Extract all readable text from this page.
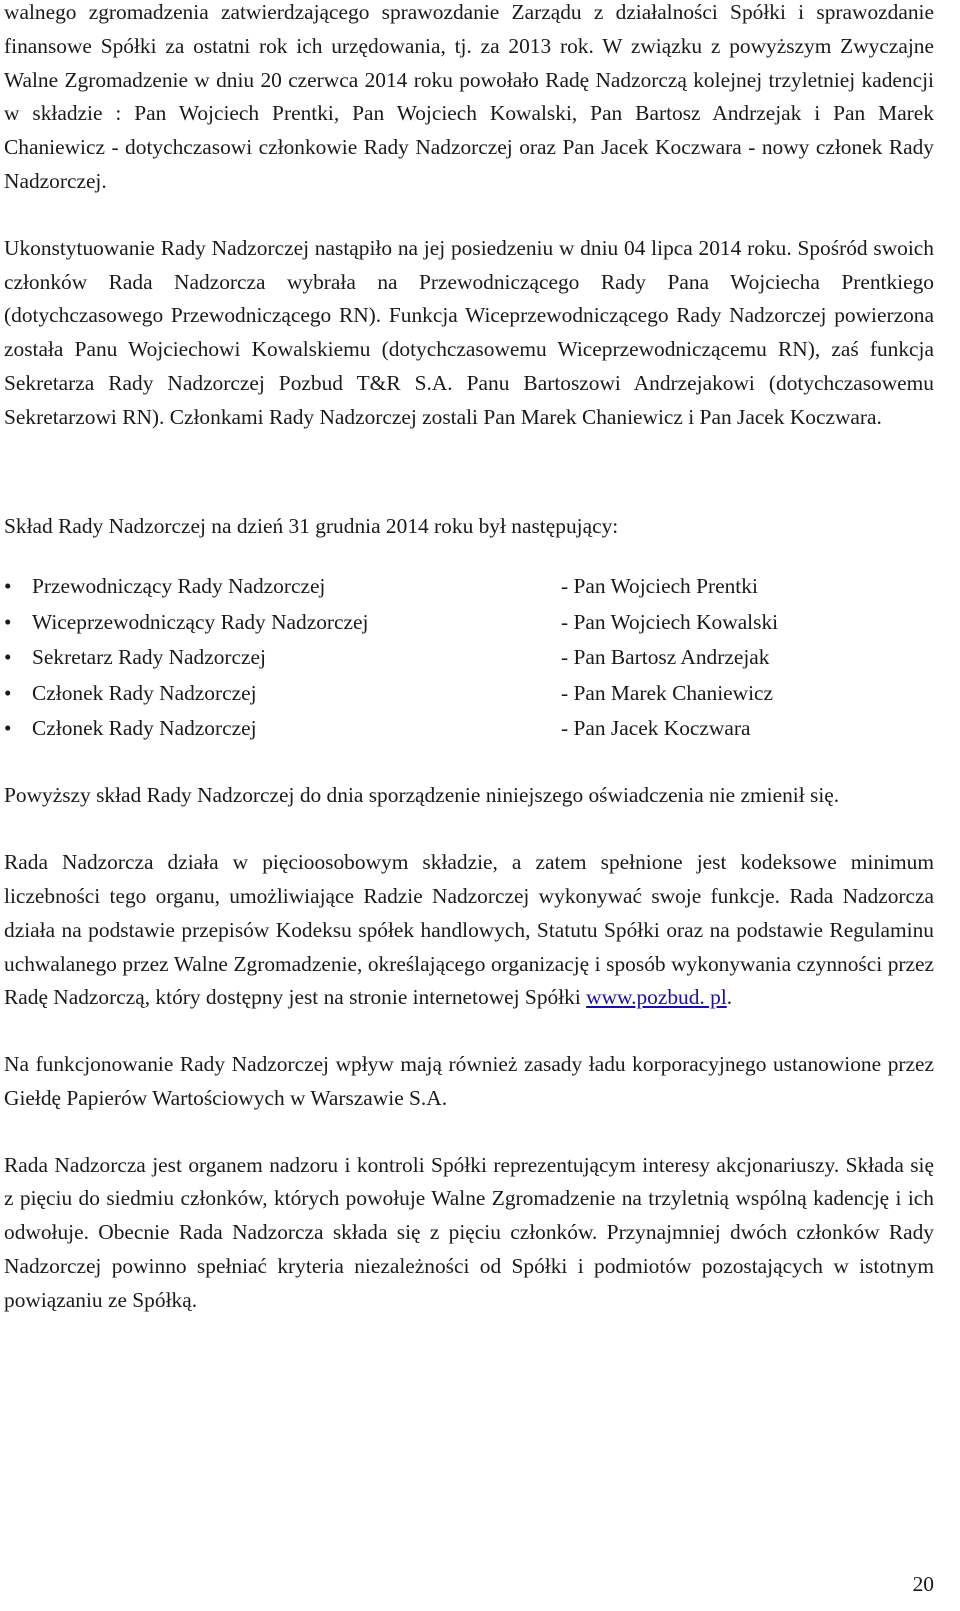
walnego zgromadzenia zatwierdzającego sprawozdanie Zarządu z działalności Spółki i sprawozdanie finansowe Spółki za ostatni rok ich urzędowania, tj. za 2013 rok. W związku z powyższym Zwyczajne Walne Zgromadzenie w dniu 20 czerwca 2014 roku powołało Radę Nadzorczą kolejnej trzyletniej kadencji w składzie : Pan Wojciech Prentki, Pan Wojciech Kowalski, Pan Bartosz Andrzejak i Pan Marek Chaniewicz - dotychczasowi członkowie Rady Nadzorczej oraz Pan Jacek Koczwara - nowy członek Rady Nadzorczej.

Ukonstytuowanie Rady Nadzorczej nastąpiło na jej posiedzeniu w dniu 04 lipca 2014 roku. Spośród swoich członków Rada Nadzorcza wybrała na Przewodniczącego Rady Pana Wojciecha Prentkiego (dotychczasowego Przewodniczącego RN). Funkcja Wiceprzewodniczącego Rady Nadzorczej powierzona została Panu Wojciechowi Kowalskiemu (dotychczasowemu Wiceprzewodniczącemu RN), zaś funkcja Sekretarza Rady Nadzorczej Pozbud T&R S.A. Panu Bartoszowi Andrzejakowi (dotychczasowemu Sekretarzowi RN). Członkami Rady Nadzorczej zostali Pan Marek Chaniewicz i Pan Jacek Koczwara.

Skład Rady Nadzorczej na dzień 31 grudnia 2014 roku był następujący:

• Przewodniczący Rady Nadzorczej	- Pan Wojciech Prentki
• Wiceprzewodniczący Rady Nadzorczej	- Pan Wojciech Kowalski
• Sekretarz Rady Nadzorczej	- Pan Bartosz Andrzejak
• Członek Rady Nadzorczej	- Pan Marek Chaniewicz
• Członek Rady Nadzorczej	- Pan Jacek Koczwara

Powyższy skład Rady Nadzorczej do dnia sporządzenie niniejszego oświadczenia nie zmienił się.

Rada Nadzorcza działa w pięcioosobowym składzie, a zatem spełnione jest kodeksowe minimum liczebności tego organu, umożliwiające Radzie Nadzorczej wykonywać swoje funkcje. Rada Nadzorcza działa na podstawie przepisów Kodeksu spółek handlowych, Statutu Spółki oraz na podstawie Regulaminu uchwalanego przez Walne Zgromadzenie, określającego organizację i sposób wykonywania czynności przez Radę Nadzorczą, który dostępny jest na stronie internetowej Spółki www.pozbud. pl.

Na funkcjonowanie Rady Nadzorczej wpływ mają również zasady ładu korporacyjnego ustanowione przez Giełdę Papierów Wartościowych w Warszawie S.A.

Rada Nadzorcza jest organem nadzoru i kontroli Spółki reprezentującym interesy akcjonariuszy. Składa się z pięciu do siedmiu członków, których powołuje Walne Zgromadzenie na trzyletnią wspólną kadencję i ich odwołuje. Obecnie Rada Nadzorcza składa się z pięciu członków. Przynajmniej dwóch członków Rady Nadzorczej powinno spełniać kryteria niezależności od Spółki i podmiotów pozostających w istotnym powiązaniu ze Spółką.

20
